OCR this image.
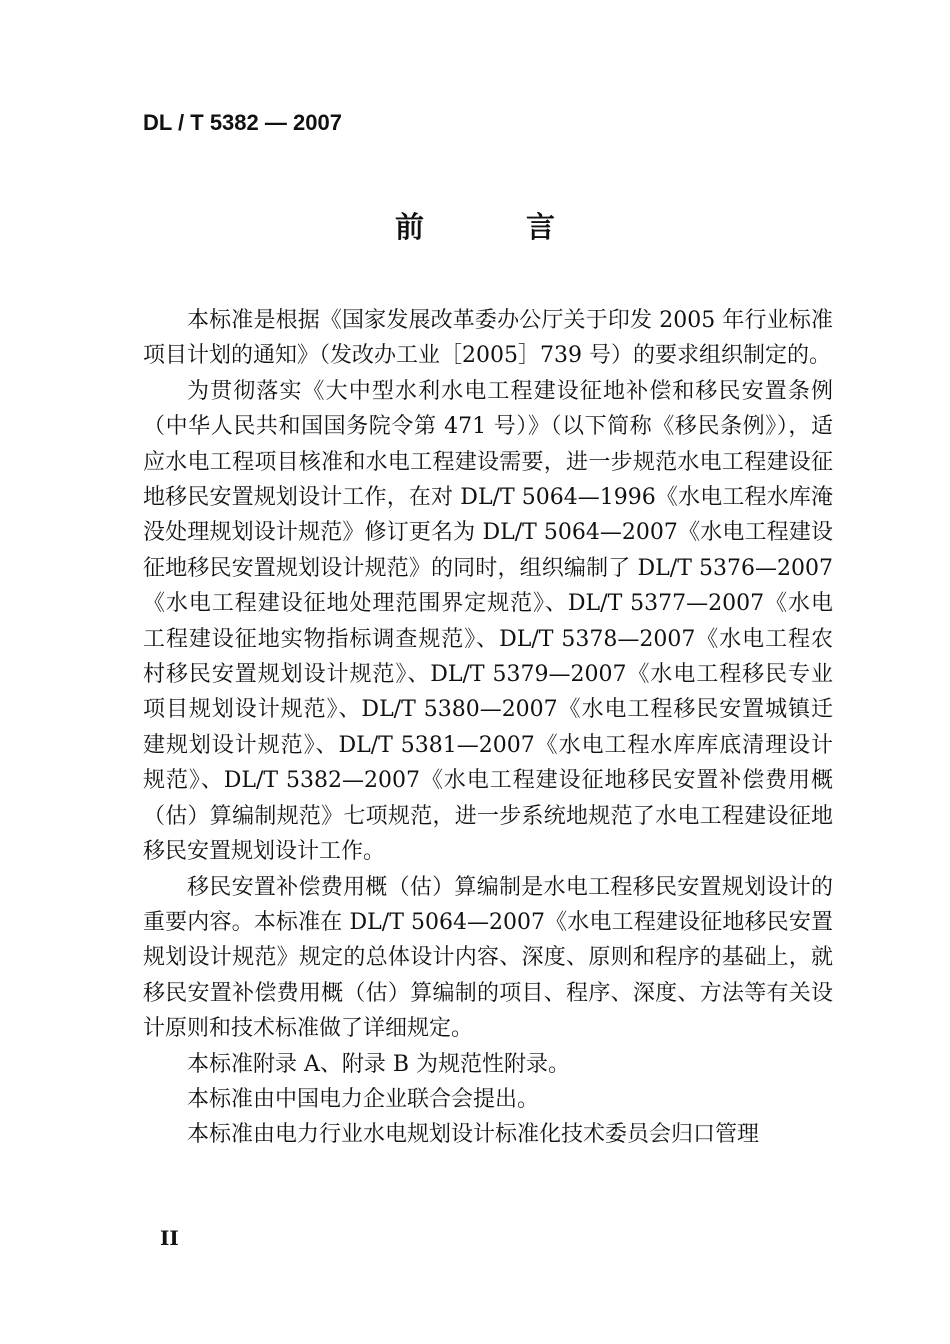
DL / T 5382 — 2007
前 言

本标准是根据《国家发展改革委办公厅关于印发 2005 年行业标准项目计划的通知》（发改办工业［2005］739 号）的要求组织制定的。

为贯彻落实《大中型水利水电工程建设征地补偿和移民安置条例（中华人民共和国国务院令第 471 号）》（以下简称《移民条例》），适应水电工程项目核准和水电工程建设需要，进一步规范水电工程建设征地移民安置规划设计工作，在对 DL/T 5064—1996《水电工程水库淹没处理规划设计规范》修订更名为 DL/T 5064—2007《水电工程建设征地移民安置规划设计规范》的同时，组织编制了 DL/T 5376—2007《水电工程建设征地处理范围界定规范》、DL/T 5377—2007《水电工程建设征地实物指标调查规范》、DL/T 5378—2007《水电工程农村移民安置规划设计规范》、DL/T 5379—2007《水电工程移民专业项目规划设计规范》、DL/T 5380—2007《水电工程移民安置城镇迁建规划设计规范》、DL/T 5381—2007《水电工程水库库底清理设计规范》、DL/T 5382—2007《水电工程建设征地移民安置补偿费用概（估）算编制规范》七项规范，进一步系统地规范了水电工程建设征地移民安置规划设计工作。

移民安置补偿费用概（估）算编制是水电工程移民安置规划设计的重要内容。本标准在 DL/T 5064—2007《水电工程建设征地移民安置规划设计规范》规定的总体设计内容、深度、原则和程序的基础上，就移民安置补偿费用概（估）算编制的项目、程序、深度、方法等有关设计原则和技术标准做了详细规定。

本标准附录 A、附录 B 为规范性附录。

本标准由中国电力企业联合会提出。

本标准由电力行业水电规划设计标准化技术委员会归口管理

II
